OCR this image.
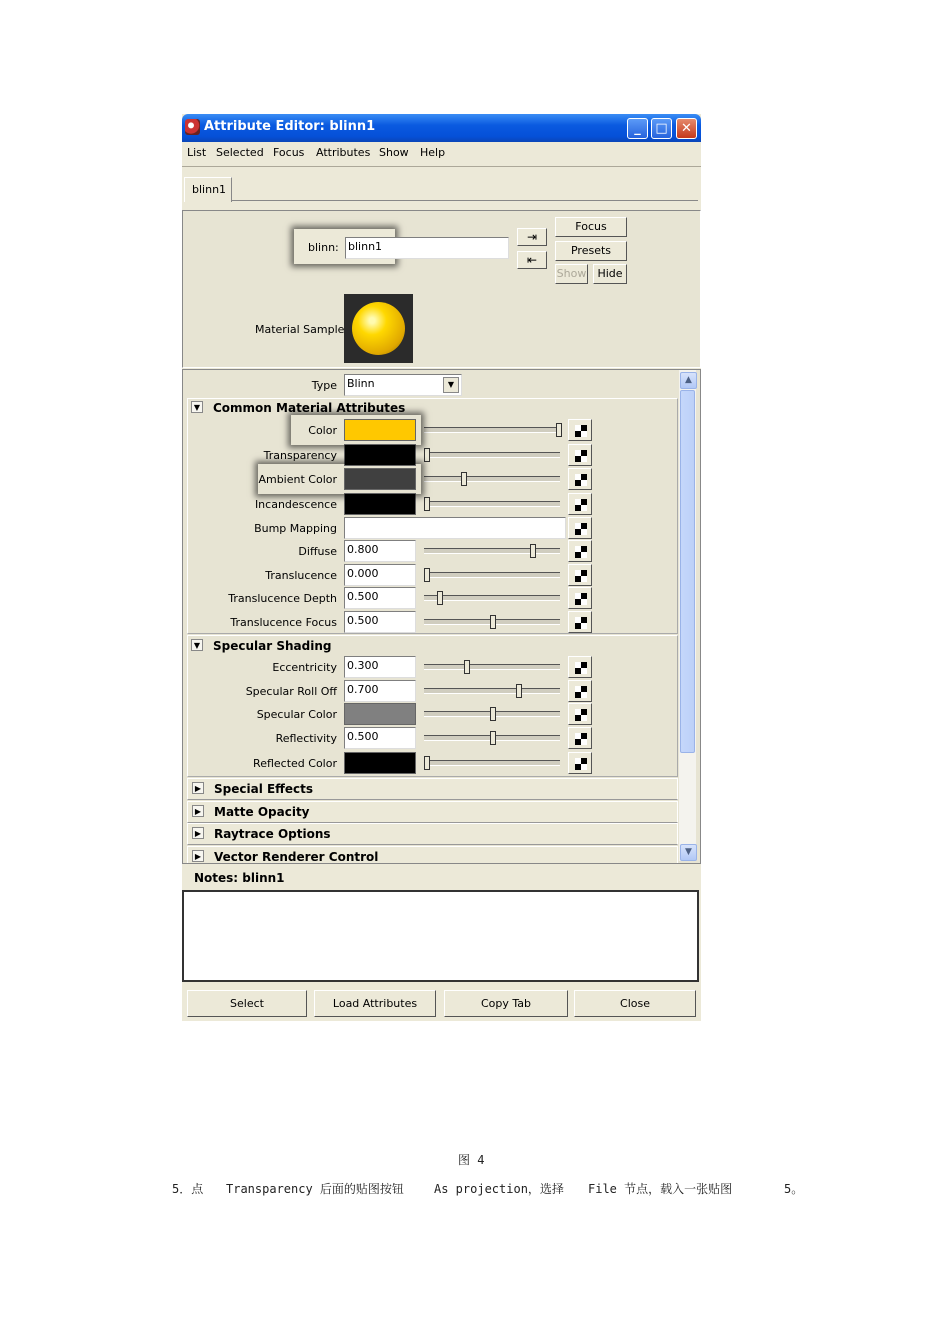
Attribute Editor: blinn1	_	□	✕
List Selected Focus Attributes Show Help
blinn1
blinn: blinn1
⇥
⇤
Focus
Presets
Show	Hide
Material Sample
Type Blinn	▼
▼ Common Material Attributes
▼ Specular Shading
▶ Special Effects
▶ Matte Opacity
▶ Raytrace Options
▶ Vector Renderer Control
▲
▼
Color
Transparency
Ambient Color
Incandescence
Bump Mapping
Diffuse 0.800
Translucence 0.000
Translucence Depth 0.500
Translucence Focus 0.500
Eccentricity 0.300
Specular Roll Off 0.700
Specular Color
Reflectivity 0.500
Reflected Color
Notes: blinn1
Select	Load Attributes	Copy Tab	Close
图 4
5．点 Transparency 后面的贴图按钮	As projection，选择 File 节点，载入一张贴图	5。
